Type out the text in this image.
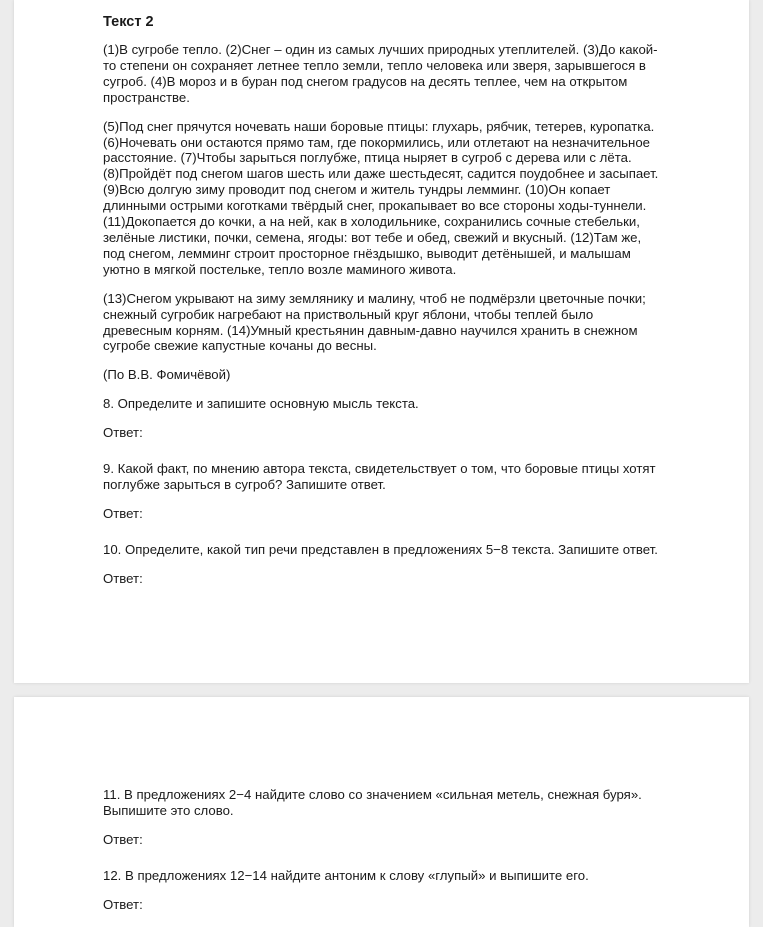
Текст 2

(1)В сугробе тепло. (2)Снег – один из самых лучших природных утеплителей. (3)До какой-то степени он сохраняет летнее тепло земли, тепло человека или зверя, зарывшегося в сугроб. (4)В мороз и в буран под снегом градусов на десять теплее, чем на открытом пространстве.

(5)Под снег прячутся ночевать наши боровые птицы: глухарь, рябчик, тетерев, куропатка. (6)Ночевать они остаются прямо там, где покормились, или отлетают на незначительное расстояние. (7)Чтобы зарыться поглубже, птица ныряет в сугроб с дерева или с лёта. (8)Пройдёт под снегом шагов шесть или даже шестьдесят, садится поудобнее и засыпает. (9)Всю долгую зиму проводит под снегом и житель тундры лемминг. (10)Он копает длинными острыми коготками твёрдый снег, прокапывает во все стороны ходы-туннели. (11)Докопается до кочки, а на ней, как в холодильнике, сохранились сочные стебельки, зелёные листики, почки, семена, ягоды: вот тебе и обед, свежий и вкусный. (12)Там же, под снегом, лемминг строит просторное гнёздышко, выводит детёнышей, и малышам уютно в мягкой постельке, тепло возле маминого живота.

(13)Снегом укрывают на зиму землянику и малину, чтоб не подмёрзли цветочные почки; снежный сугробик нагребают на приствольный круг яблони, чтобы теплей было древесным корням. (14)Умный крестьянин давным-давно научился хранить в снежном сугробе свежие капустные кочаны до весны.

(По В.В. Фомичёвой)

8. Определите и запишите основную мысль текста.

Ответ:

9. Какой факт, по мнению автора текста, свидетельствует о том, что боровые птицы хотят поглубже зарыться в сугроб? Запишите ответ.

Ответ:

10. Определите, какой тип речи представлен в предложениях 5−8 текста. Запишите ответ.

Ответ:

11. В предложениях 2−4 найдите слово со значением «сильная метель, снежная буря». Выпишите это слово.

Ответ:

12. В предложениях 12−14 найдите антоним к слову «глупый» и выпишите его.

Ответ:
